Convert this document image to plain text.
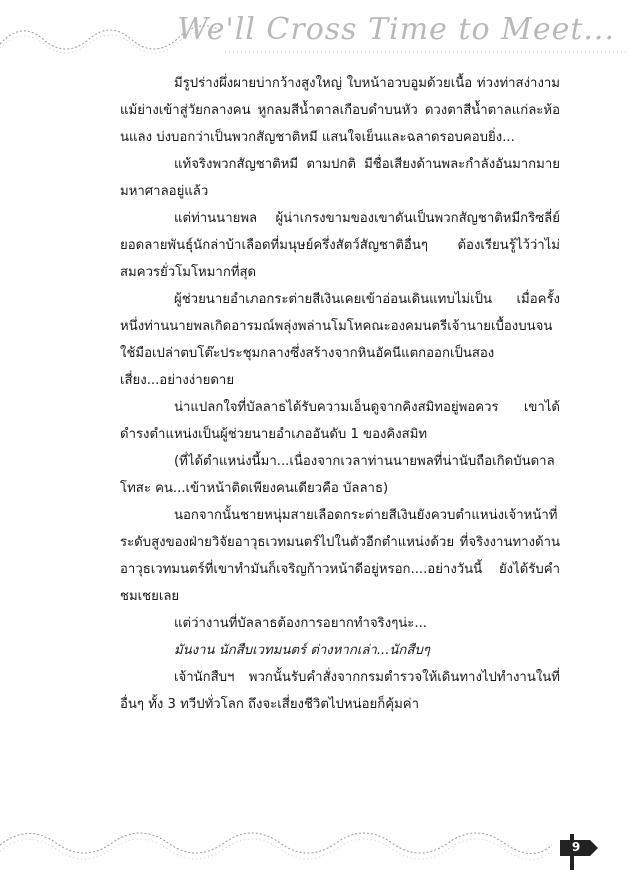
We'll Cross Time to Meet...

มีรูปร่างผึ่งผายบ่ากว้างสูงใหญ่ ใบหน้าอวบอูมด้วยเนื้อ ท่วงท่าสง่างาม แม้ย่างเข้าสู่วัยกลางคน หูกลมสีน้ำตาลเกือบดำบนหัว ดวงตาสีน้ำตาลแก่ละห้อนแลง บ่งบอกว่าเป็นพวกสัญชาติหมี แสนใจเย็นและฉลาดรอบคอบยิ่ง...

แท้จริงพวกสัญชาติหมี ตามปกติ มีชื่อเสียงด้านพละกำลังอันมากมายมหาศาลอยู่แล้ว

แต่ท่านนายพล ผู้น่าเกรงขามของเขาดันเป็นพวกสัญชาติหมีกริซลี่ย์ ยอดลายพันธุ์นักล่าบ้าเลือดที่มนุษย์ครึ่งสัตว์สัญชาติอื่นๆ ต้องเรียนรู้ไว้ว่าไม่สมควรยั่วโมโหมากที่สุด

ผู้ช่วยนายอำเภอกระต่ายสีเงินเคยเข้าอ่อนเดินแทบไม่เป็น เมื่อครั้งหนึ่งท่านนายพลเกิดอารมณ์พลุ่งพล่านโมโหคณะองคมนตรีเจ้านายเบื้องบนจนใช้มือเปล่าตบโต๊ะประชุมกลางซึ่งสร้างจากหินอัคนีแตกออกเป็นสองเสี่ยง...อย่างง่ายดาย

น่าแปลกใจที่บัลลาธได้รับความเอ็นดูจากคิงสมิทอยู่พอควร เขาได้ดำรงตำแหน่งเป็นผู้ช่วยนายอำเภออันดับ 1 ของคิงสมิท

(ที่ได้ตำแหน่งนี้มา...เนื่องจากเวลาท่านนายพลที่น่านับถือเกิดบันดาลโทสะ คน...เข้าหน้าติดเพียงคนเดียวคือ บัลลาธ)

นอกจากนั้นชายหนุ่มสายเลือดกระต่ายสีเงินยังควบตำแหน่งเจ้าหน้าที่ระดับสูงของฝ่ายวิจัยอาวุธเวทมนตร์ไปในตัวอีกตำแหน่งด้วย ที่จริงงานทางด้านอาวุธเวทมนตร์ที่เขาทำมันก็เจริญก้าวหน้าดีอยู่หรอก....อย่างวันนี้ ยังได้รับคำชมเชยเลย

แต่ว่างานที่บัลลาธต้องการอยากทำจริงๆน่ะ...

มันงาน นักสืบเวทมนตร์ ต่างหากเล่า...นักสืบๆ

เจ้านักสืบฯ พวกนั้นรับคำสั่งจากกรมตำรวจให้เดินทางไปทำงานในที่อื่นๆ ทั้ง 3 ทวีปทั่วโลก ถึงจะเสี่ยงชีวิตไปหน่อยก็คุ้มค่า

9
